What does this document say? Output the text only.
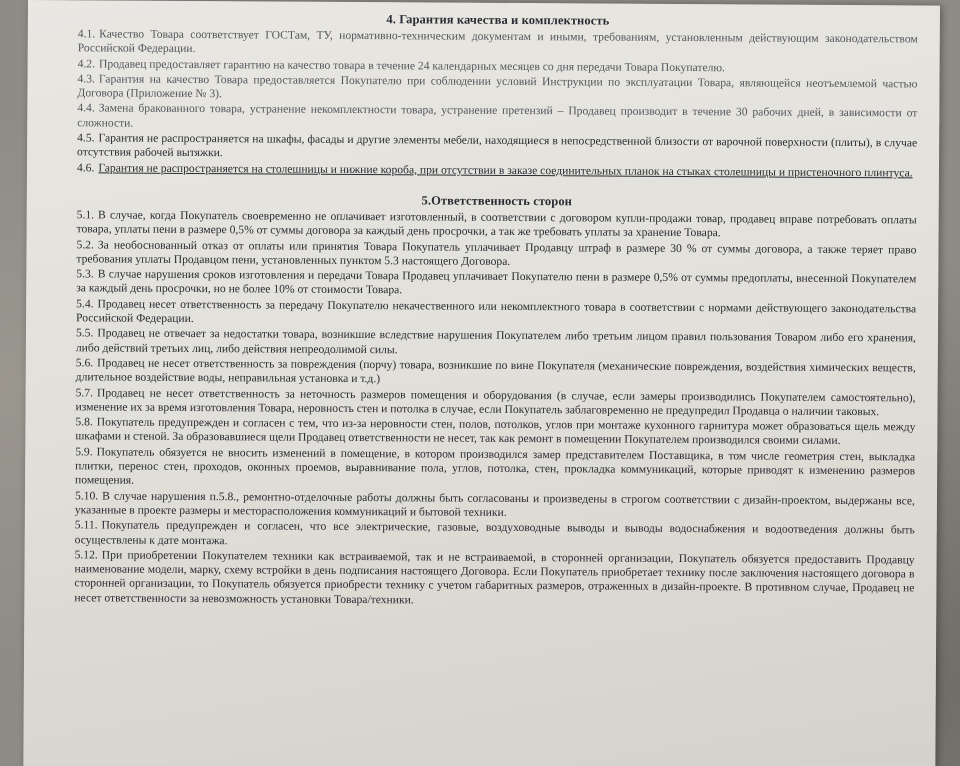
4. Гарантия качества и комплектность

4.1. Качество Товара соответствует ГОСТам, ТУ, нормативно-техническим документам и иными, требованиям, установленным действующим законодательством Российской Федерации.

4.2. Продавец предоставляет гарантию на качество товара в течение 24 календарных месяцев со дня передачи Товара Покупателю.

4.3. Гарантия на качество Товара предоставляется Покупателю при соблюдении условий Инструкции по эксплуатации Товара, являющейся неотъемлемой частью Договора (Приложение № 3).

4.4. Замена бракованного товара, устранение некомплектности товара, устранение претензий – Продавец производит в течение 30 рабочих дней, в зависимости от сложности.

4.5. Гарантия не распространяется на шкафы, фасады и другие элементы мебели, находящиеся в непосредственной близости от варочной поверхности (плиты), в случае отсутствия рабочей вытяжки.

4.6. Гарантия не распространяется на столешницы и нижние короба, при отсутствии в заказе соединительных планок на стыках столешницы и пристеночного плинтуса.

5.Ответственность сторон

5.1. В случае, когда Покупатель своевременно не оплачивает изготовленный, в соответствии с договором купли-продажи товар, продавец вправе потребовать оплаты товара, уплаты пени в размере 0,5% от суммы договора за каждый день просрочки, а так же требовать уплаты за хранение Товара.

5.2. За необоснованный отказ от оплаты или принятия Товара Покупатель уплачивает Продавцу штраф в размере 30 % от суммы договора, а также теряет право требования уплаты Продавцом пени, установленных пунктом 5.3 настоящего Договора.

5.3. В случае нарушения сроков изготовления и передачи Товара Продавец уплачивает Покупателю пени в размере 0,5% от суммы предоплаты, внесенной Покупателем за каждый день просрочки, но не более 10% от стоимости Товара.

5.4. Продавец несет ответственность за передачу Покупателю некачественного или некомплектного товара в соответствии с нормами действующего законодательства Российской Федерации.

5.5. Продавец не отвечает за недостатки товара, возникшие вследствие нарушения Покупателем либо третьим лицом правил пользования Товаром либо его хранения, либо действий третьих лиц, либо действия непреодолимой силы.

5.6. Продавец не несет ответственность за повреждения (порчу) товара, возникшие по вине Покупателя (механические повреждения, воздействия химических веществ, длительное воздействие воды, неправильная установка и т.д.)

5.7. Продавец не несет ответственность за неточность размеров помещения и оборудования (в случае, если замеры производились Покупателем самостоятельно), изменение их за время изготовления Товара, неровность стен и потолка в случае, если Покупатель заблаговременно не предупредил Продавца о наличии таковых.

5.8. Покупатель предупрежден и согласен с тем, что из-за неровности стен, полов, потолков, углов при монтаже кухонного гарнитура может образоваться щель между шкафами и стеной. За образовавшиеся щели Продавец ответственности не несет, так как ремонт в помещении Покупателем производился своими силами.

5.9. Покупатель обязуется не вносить изменений в помещение, в котором производился замер представителем Поставщика, в том числе геометрия стен, выкладка плитки, перенос стен, проходов, оконных проемов, выравнивание пола, углов, потолка, стен, прокладка коммуникаций, которые приводят к изменению размеров помещения.

5.10. В случае нарушения п.5.8., ремонтно-отделочные работы должны быть согласованы и произведены в строгом соответствии с дизайн-проектом, выдержаны все, указанные в проекте размеры и месторасположения коммуникаций и бытовой техники.

5.11. Покупатель предупрежден и согласен, что все электрические, газовые, воздуховодные выводы и выводы водоснабжения и водоотведения должны быть осуществлены к дате монтажа.

5.12. При приобретении Покупателем техники как встраиваемой, так и не встраиваемой, в сторонней организации, Покупатель обязуется предоставить Продавцу наименование модели, марку, схему встройки в день подписания настоящего Договора. Если Покупатель приобретает технику после заключения настоящего договора в сторонней организации, то Покупатель обязуется приобрести технику с учетом габаритных размеров, отраженных в дизайн-проекте. В противном случае, Продавец не несет ответственности за невозможность установки Товара/техники.
